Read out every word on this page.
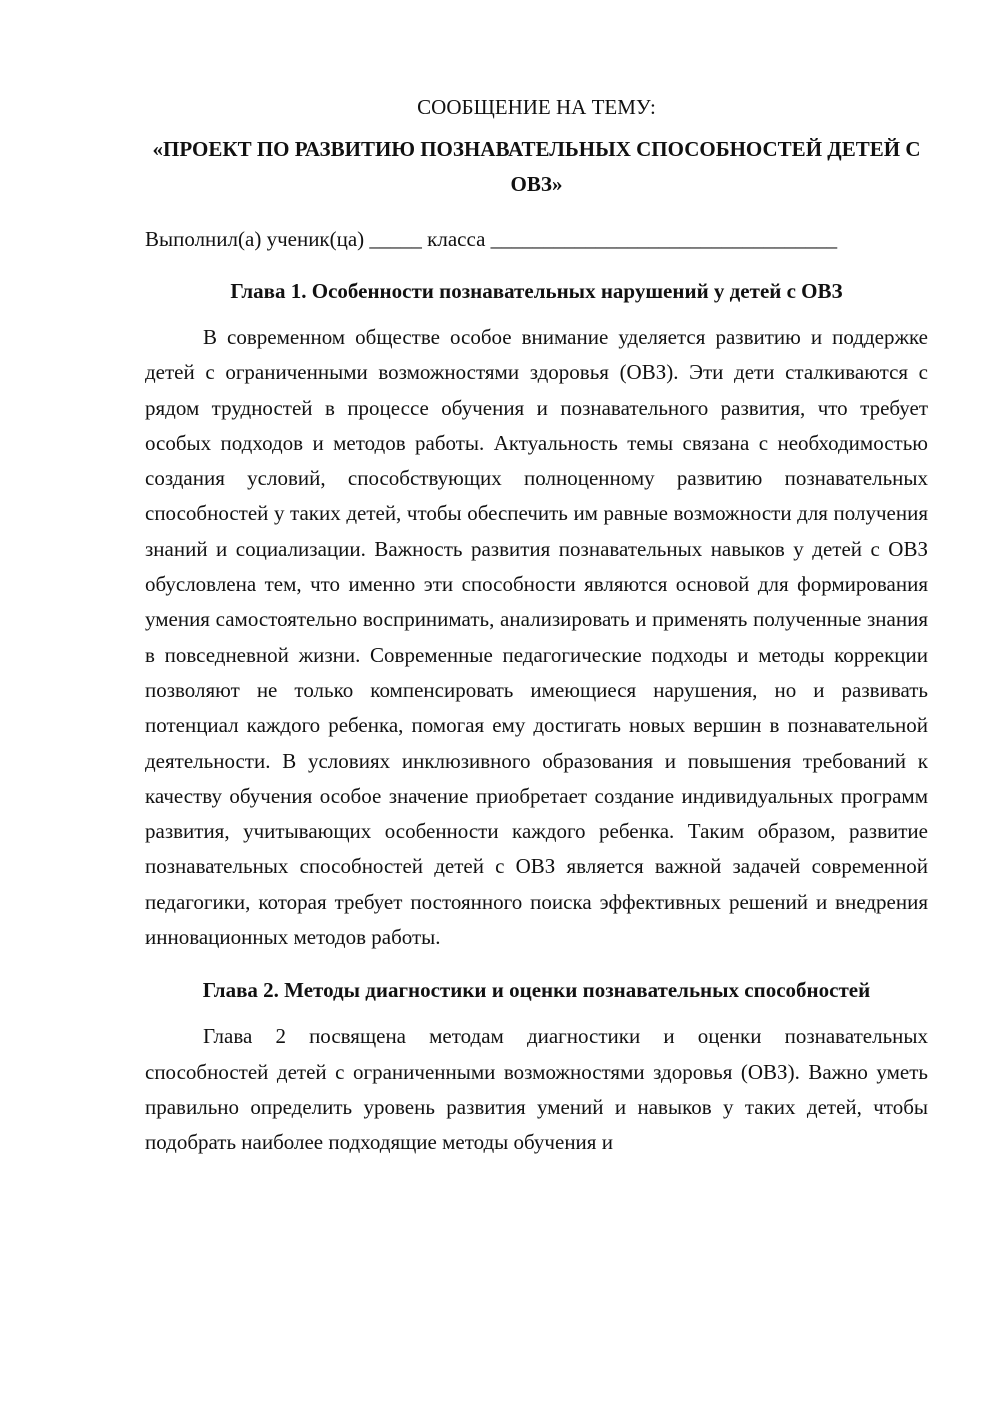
СООБЩЕНИЕ НА ТЕМУ:

«ПРОЕКТ ПО РАЗВИТИЮ ПОЗНАВАТЕЛЬНЫХ СПОСОБНОСТЕЙ ДЕТЕЙ С ОВЗ»

Выполнил(а) ученик(ца) _____ класса _________________________________

Глава 1. Особенности познавательных нарушений у детей с ОВЗ

В современном обществе особое внимание уделяется развитию и поддержке детей с ограниченными возможностями здоровья (ОВЗ). Эти дети сталкиваются с рядом трудностей в процессе обучения и познавательного развития, что требует особых подходов и методов работы. Актуальность темы связана с необходимостью создания условий, способствующих полноценному развитию познавательных способностей у таких детей, чтобы обеспечить им равные возможности для получения знаний и социализации. Важность развития познавательных навыков у детей с ОВЗ обусловлена тем, что именно эти способности являются основой для формирования умения самостоятельно воспринимать, анализировать и применять полученные знания в повседневной жизни. Современные педагогические подходы и методы коррекции позволяют не только компенсировать имеющиеся нарушения, но и развивать потенциал каждого ребенка, помогая ему достигать новых вершин в познавательной деятельности. В условиях инклюзивного образования и повышения требований к качеству обучения особое значение приобретает создание индивидуальных программ развития, учитывающих особенности каждого ребенка. Таким образом, развитие познавательных способностей детей с ОВЗ является важной задачей современной педагогики, которая требует постоянного поиска эффективных решений и внедрения инновационных методов работы.

Глава 2. Методы диагностики и оценки познавательных способностей

Глава 2 посвящена методам диагностики и оценки познавательных способностей детей с ограниченными возможностями здоровья (ОВЗ). Важно уметь правильно определить уровень развития умений и навыков у таких детей, чтобы подобрать наиболее подходящие методы обучения и
